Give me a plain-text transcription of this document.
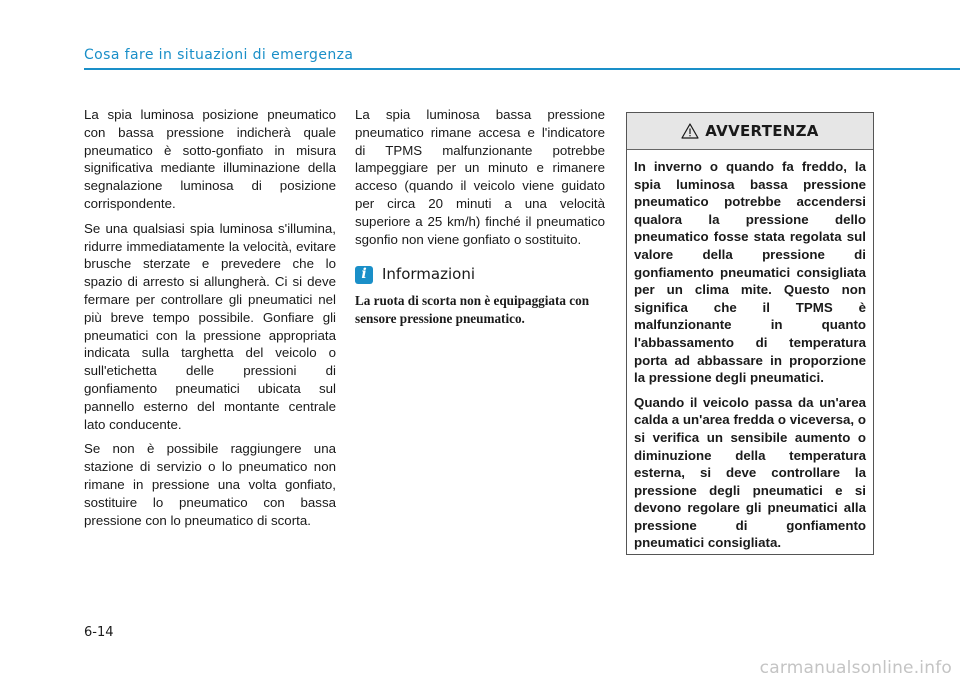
Cosa fare in situazioni di emergenza

La spia luminosa posizione pneumatico con bassa pressione indicherà quale pneumatico è sotto-gonfiato in misura significativa mediante illuminazione della segnalazione luminosa di posizione corrispondente.

Se una qualsiasi spia luminosa s'illumina, ridurre immediatamente la velocità, evitare brusche sterzate e prevedere che lo spazio di arresto si allungherà. Ci si deve fermare per controllare gli pneumatici nel più breve tempo possibile. Gonfiare gli pneumatici con la pressione appropriata indicata sulla targhetta del veicolo o sull'etichetta delle pressioni di gonfiamento pneumatici ubicata sul pannello esterno del montante centrale lato conducente.

Se non è possibile raggiungere una stazione di servizio o lo pneumatico non rimane in pressione una volta gonfiato, sostituire lo pneumatico con bassa pressione con lo pneumatico di scorta.

La spia luminosa bassa pressione pneumatico rimane accesa e l'indicatore di TPMS malfunzionante potrebbe lampeggiare per un minuto e rimanere acceso (quando il veicolo viene guidato per circa 20 minuti a una velocità superiore a 25 km/h) finché il pneumatico sgonfio non viene gonfiato o sostituito.

i	Informazioni
La ruota di scorta non è equipaggiata con sensore pressione pneumatico.
AVVERTENZA

In inverno o quando fa freddo, la spia luminosa bassa pressione pneumatico potrebbe accendersi qualora la pressione dello pneumatico fosse stata regolata sul valore della pressione di gonfiamento pneumatici consigliata per un clima mite. Questo non significa che il TPMS è malfunzionante in quanto l'abbassamento di temperatura porta ad abbassare in proporzione la pressione degli pneumatici.

Quando il veicolo passa da un'area calda a un'area fredda o viceversa, o si verifica un sensibile aumento o diminuzione della temperatura esterna, si deve controllare la pressione degli pneumatici e si devono regolare gli pneumatici alla pressione di gonfiamento pneumatici consigliata.

6-14
carmanualsonline.info
